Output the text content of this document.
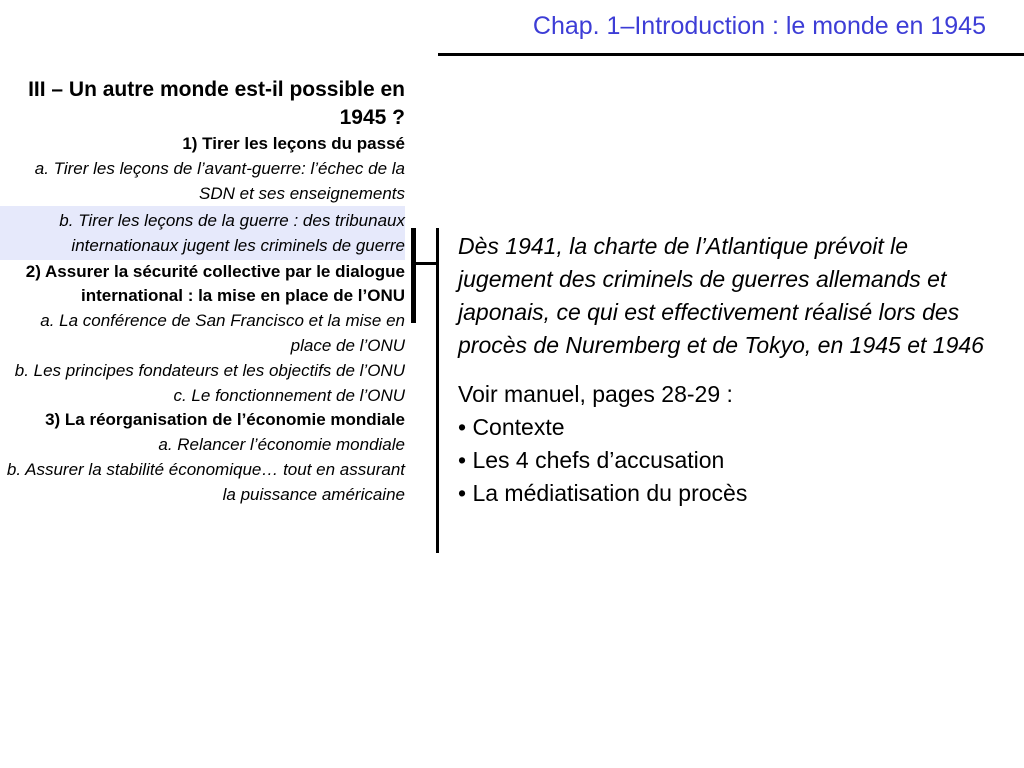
Chap. 1–Introduction : le monde en 1945
III – Un autre monde est-il possible en 1945 ?
1) Tirer les leçons du passé
a. Tirer les leçons de l’avant-guerre: l’échec de la SDN et ses enseignements
b. Tirer les leçons de la guerre : des tribunaux internationaux jugent les criminels de guerre
2) Assurer la sécurité collective par le dialogue international : la mise en place de l’ONU
a. La conférence de San Francisco et la mise en place de l’ONU
b. Les principes fondateurs et les objectifs de l’ONU
c. Le fonctionnement de l’ONU
3) La réorganisation de l’économie mondiale
a. Relancer l’économie mondiale
b. Assurer la stabilité économique… tout en assurant la puissance américaine

Dès 1941, la charte de l’Atlantique prévoit le jugement des criminels de guerres allemands et japonais, ce qui est effectivement réalisé lors des procès de Nuremberg et de Tokyo, en 1945 et 1946

Voir manuel, pages 28-29 :
• Contexte
• Les 4 chefs d’accusation
• La médiatisation du procès
